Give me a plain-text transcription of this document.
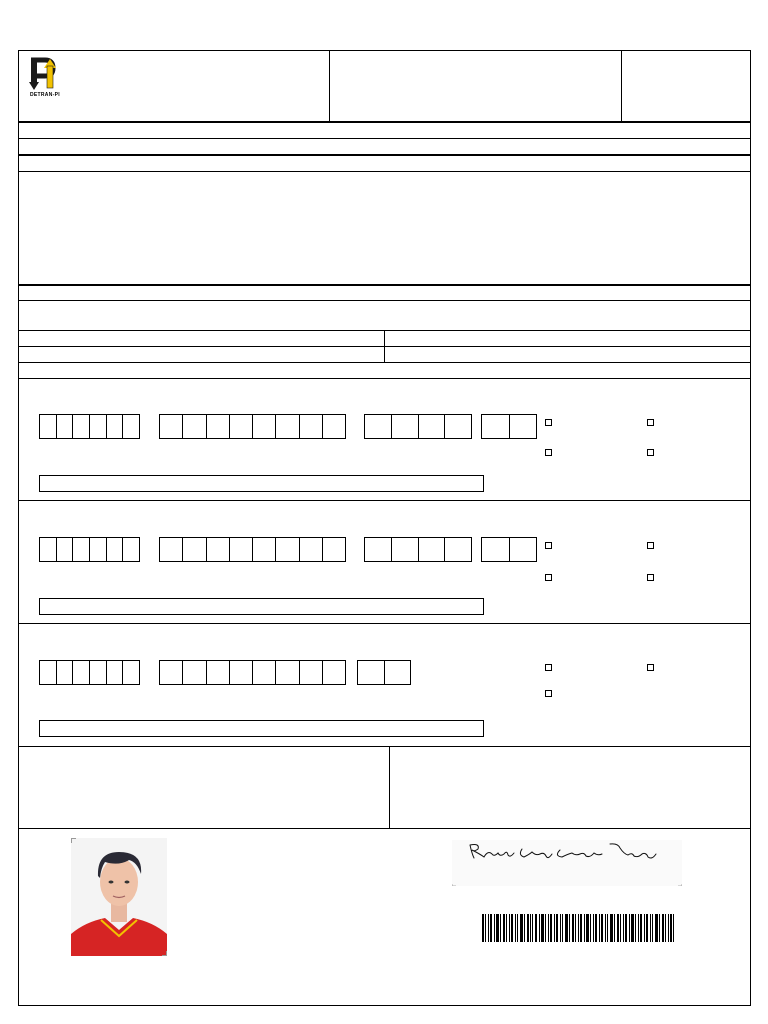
DETRAN-PI
